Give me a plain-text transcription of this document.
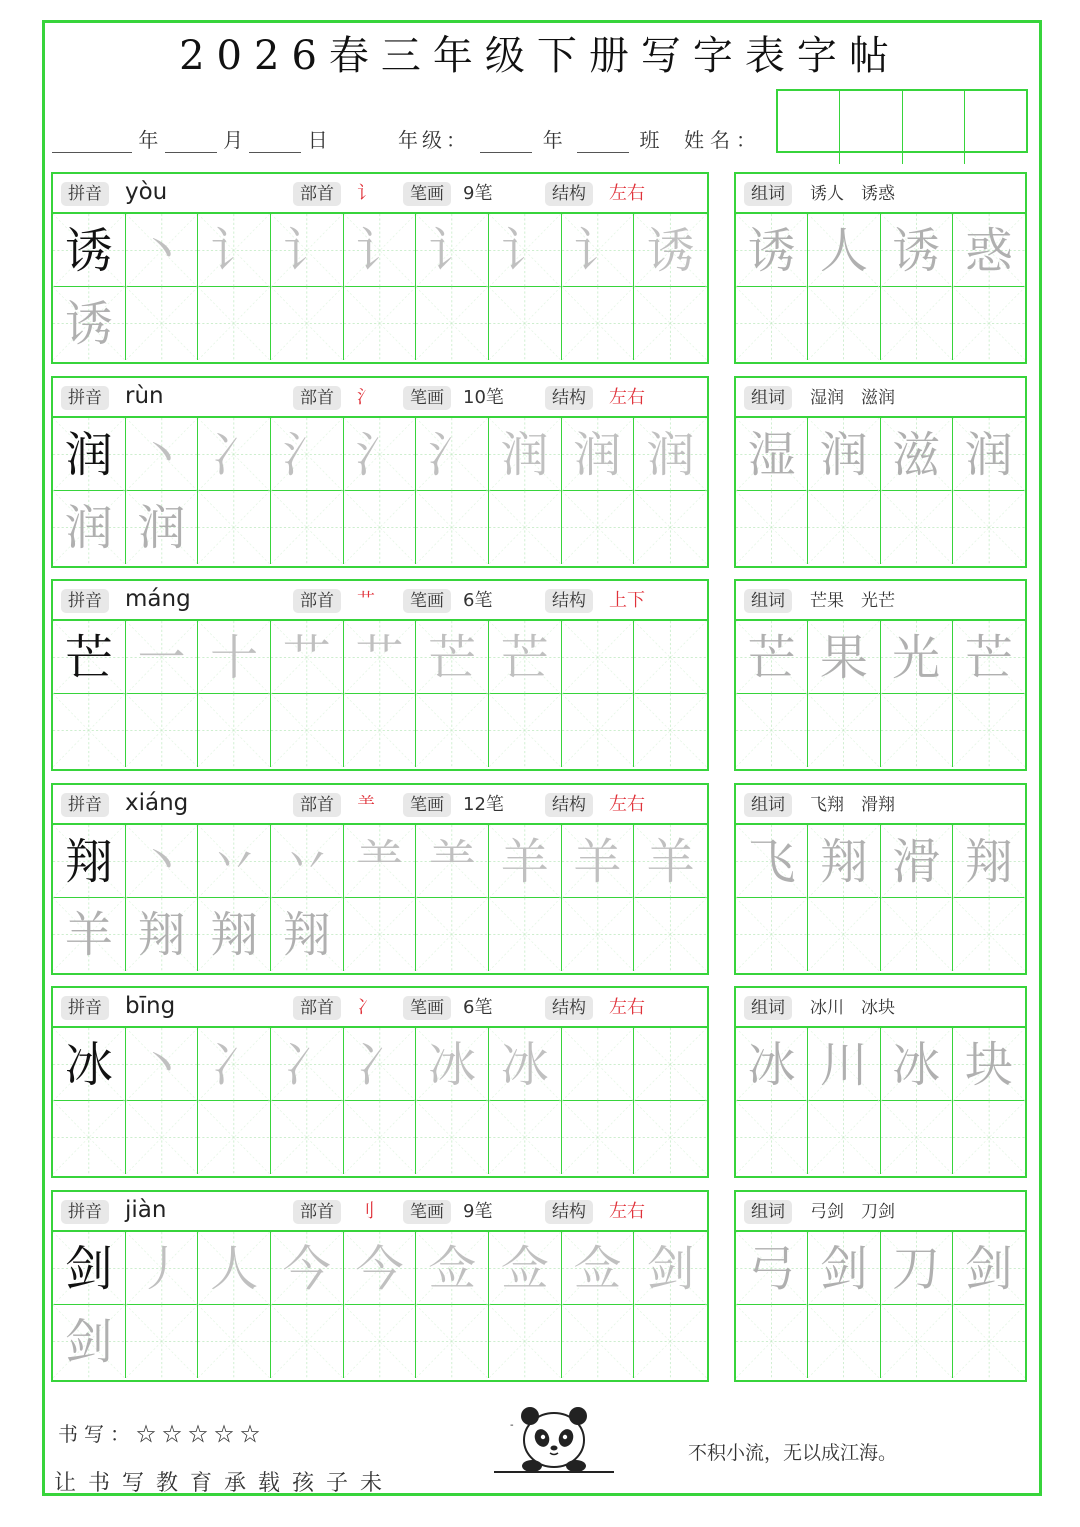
2026春三年级下册写字表字帖
年	月	日	年级：	年	班 姓名：
拼音	yòu	部首	讠	笔画	9笔	结构	左右
诱 丶 讠 讠 讠 讠 讠 讠 诱
诱
组词	诱人　诱惑
诱 人 诱 惑
拼音	rùn	部首	氵	笔画	10笔	结构	左右
润 丶 冫 氵 氵 氵 润 润 润
润 润
组词	湿润　滋润
湿 润 滋 润
拼音	máng	部首	艹	笔画	6笔	结构	上下
芒 一 十 艹 艹 芒 芒
组词	芒果　光芒
芒 果 光 芒
拼音	xiáng	部首	⺷	笔画	12笔	结构	左右
翔 丶 丷 丷 ⺷ ⺷ 羊 羊 羊
羊 翔 翔 翔
组词	飞翔　滑翔
飞 翔 滑 翔
拼音	bīng	部首	冫	笔画	6笔	结构	左右
冰 丶 冫 冫 冫 冰 冰
组词	冰川　冰块
冰 川 冰 块
拼音	jiàn	部首	刂	笔画	9笔	结构	左右
剑 丿 人 今 今 佥 佥 佥 剑
剑
组词	弓剑　刀剑
弓 剑 刀 剑
书写：☆☆☆☆☆
让书写教育承载孩子未
-
不积小流，无以成江海。
